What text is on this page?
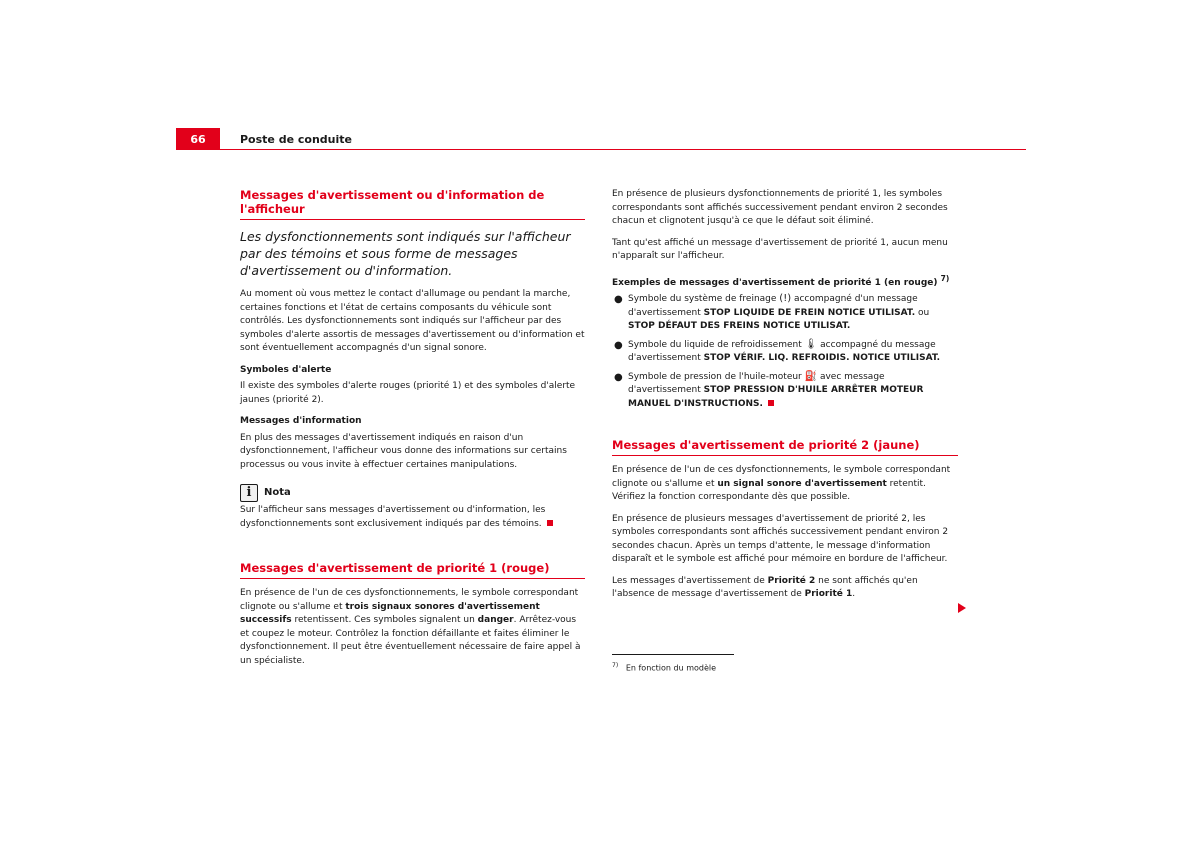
66	Poste de conduite
Messages d'avertissement ou d'information de l'afficheur
Les dysfonctionnements sont indiqués sur l'afficheur par des témoins et sous forme de messages d'avertissement ou d'information.

Au moment où vous mettez le contact d'allumage ou pendant la marche, certaines fonctions et l'état de certains composants du véhicule sont contrôlés. Les dysfonctionnements sont indiqués sur l'afficheur par des symboles d'alerte assortis de messages d'avertissement ou d'information et sont éventuellement accompagnés d'un signal sonore.

Symboles d'alerte

Il existe des symboles d'alerte rouges (priorité 1) et des symboles d'alerte jaunes (priorité 2).

Messages d'information

En plus des messages d'avertissement indiqués en raison d'un dysfonctionnement, l'afficheur vous donne des informations sur certains processus ou vous invite à effectuer certaines manipulations.

i	Nota

Sur l'afficheur sans messages d'avertissement ou d'information, les dysfonctionnements sont exclusivement indiqués par des témoins.

Messages d'avertissement de priorité 1 (rouge)

En présence de l'un de ces dysfonctionnements, le symbole correspondant clignote ou s'allume et trois signaux sonores d'avertissement successifs retentissent. Ces symboles signalent un danger. Arrêtez-vous et coupez le moteur. Contrôlez la fonction défaillante et faites éliminer le dysfonctionnement. Il peut être éventuellement nécessaire de faire appel à un spécialiste.

En présence de plusieurs dysfonctionnements de priorité 1, les symboles correspondants sont affichés successivement pendant environ 2 secondes chacun et clignotent jusqu'à ce que le défaut soit éliminé.

Tant qu'est affiché un message d'avertissement de priorité 1, aucun menu n'apparaît sur l'afficheur.

Exemples de messages d'avertissement de priorité 1 (en rouge) $^{7)}$
● Symbole du système de freinage (!) accompagné d'un message d'avertissement STOP LIQUIDE DE FREIN NOTICE UTILISAT. ou STOP DÉFAUT DES FREINS NOTICE UTILISAT.
● Symbole du liquide de refroidissement 🌡 accompagné du message d'avertissement STOP VÉRIF. LIQ. REFROIDIS. NOTICE UTILISAT.
● Symbole de pression de l'huile-moteur ⛽ avec message d'avertissement STOP PRESSION D'HUILE ARRÊTER MOTEUR MANUEL D'INSTRUCTIONS.
Messages d'avertissement de priorité 2 (jaune)

En présence de l'un de ces dysfonctionnements, le symbole correspondant clignote ou s'allume et un signal sonore d'avertissement retentit. Vérifiez la fonction correspondante dès que possible.

En présence de plusieurs messages d'avertissement de priorité 2, les symboles correspondants sont affichés successivement pendant environ 2 secondes chacun. Après un temps d'attente, le message d'information disparaît et le symbole est affiché pour mémoire en bordure de l'afficheur.

Les messages d'avertissement de Priorité 2 ne sont affichés qu'en l'absence de message d'avertissement de Priorité 1.

$^{7)}$ En fonction du modèle
